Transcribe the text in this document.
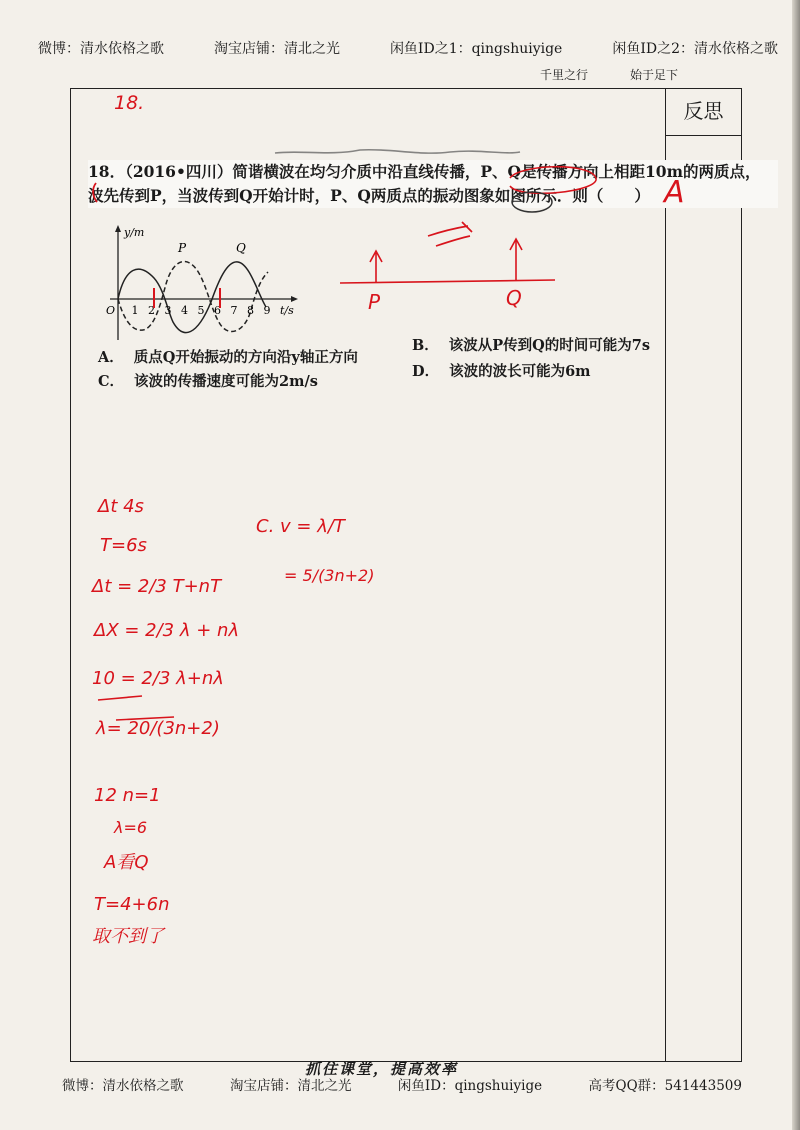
微博：清水依格之歌	淘宝店铺：清北之光	闲鱼ID之1：qingshuiyige	闲鱼ID之2：清水依格之歌
千里之行	始于足下
反思
18．（2016•四川）简谐横波在均匀介质中沿直线传播，P、Q是传播方向上相距10m的两质点，
波先传到P，当波传到Q开始计时，P、Q两质点的振动图象如图所示．则（　　）
y/m
P	Q
O	t/s
1 2 3 4 5 6 7 8 9
A． 质点Q开始振动的方向沿y轴正方向
B． 该波从P传到Q的时间可能为7s
C． 该波的传播速度可能为2m/s
D． 该波的波长可能为6m
18.
A
P	Q
Δt 4s
T=6s
Δt = 2/3 T+nT
ΔX = 2/3 λ + nλ
10 = 2/3 λ+nλ
λ= 20/(3n+2)
12 n=1
λ=6
A看Q
T=4+6n
取不到了
C. v = λ/T
= 5/(3n+2)
抓住课堂，提高效率
微博：清水依格之歌	淘宝店铺：清北之光	闲鱼ID：qingshuiyige	高考QQ群：541443509
